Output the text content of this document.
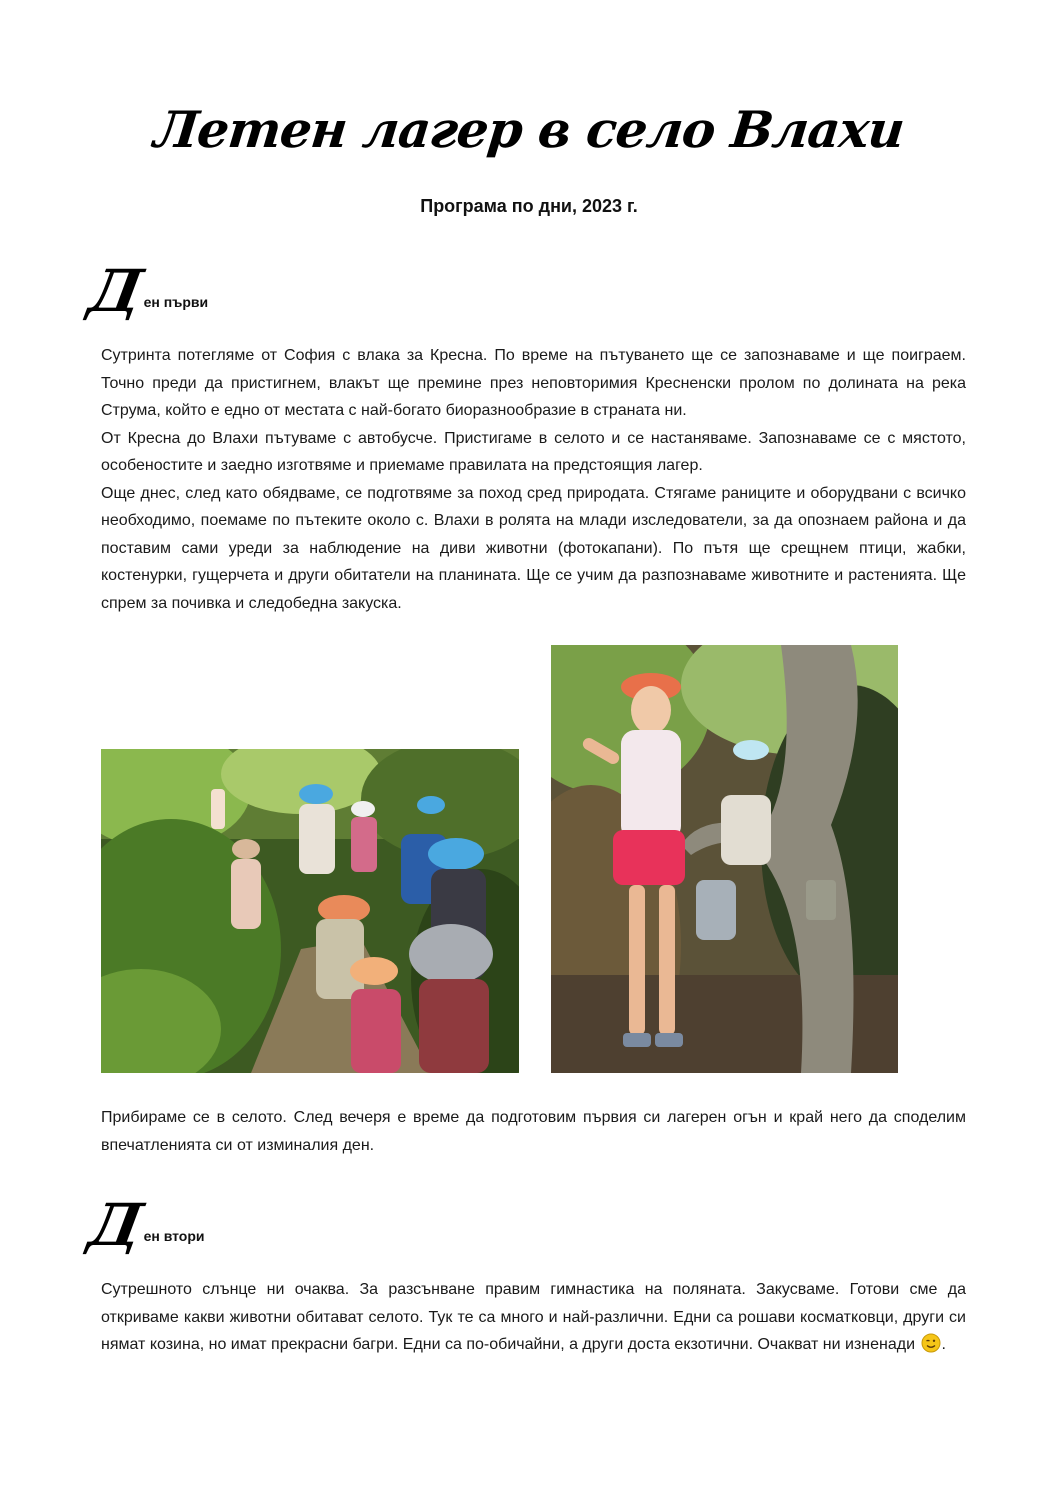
Летен лагер в село Влахи
Програма по дни, 2023 г.
Д
ен първи

Сутринта потегляме от София с влака за Кресна. По време на пътуването ще се запознаваме и ще поиграем. Точно преди да пристигнем, влакът ще премине през неповторимия Кресненски пролом по долината на река Струма, който е едно от местата с най-богато биоразнообразие в страната ни.

От Кресна до Влахи пътуваме с автобусче. Пристигаме в селото и се настаняваме. Запознаваме се с мястото, особеностите и заедно изготвяме и приемаме правилата на предстоящия лагер.

Още днес, след като обядваме, се подготвяме за поход сред природата. Стягаме раниците и оборудвани с всичко необходимо, поемаме по пътеките около с. Влахи в ролята на млади изследователи, за да опознаем района и да поставим сами уреди за наблюдение на диви животни (фотокапани). По пътя ще срещнем птици, жабки, костенурки, гущерчета и други обитатели на планината. Ще се учим да разпознаваме животните и растенията. Ще спрем за почивка и следобедна закуска.

Прибираме се в селото. След вечеря е време да подготовим първия си лагерен огън и край него да споделим впечатленията си от изминалия ден.

Д
ен втори

Сутрешното слънце ни очаква. За разсънване правим гимнастика на поляната. Закусваме. Готови сме да откриваме какви животни обитават селото. Тук те са много и най-различни. Едни са рошави косматковци, други си нямат козина, но имат прекрасни багри. Едни са по-обичайни, а други доста екзотични. Очакват ни изненади .
